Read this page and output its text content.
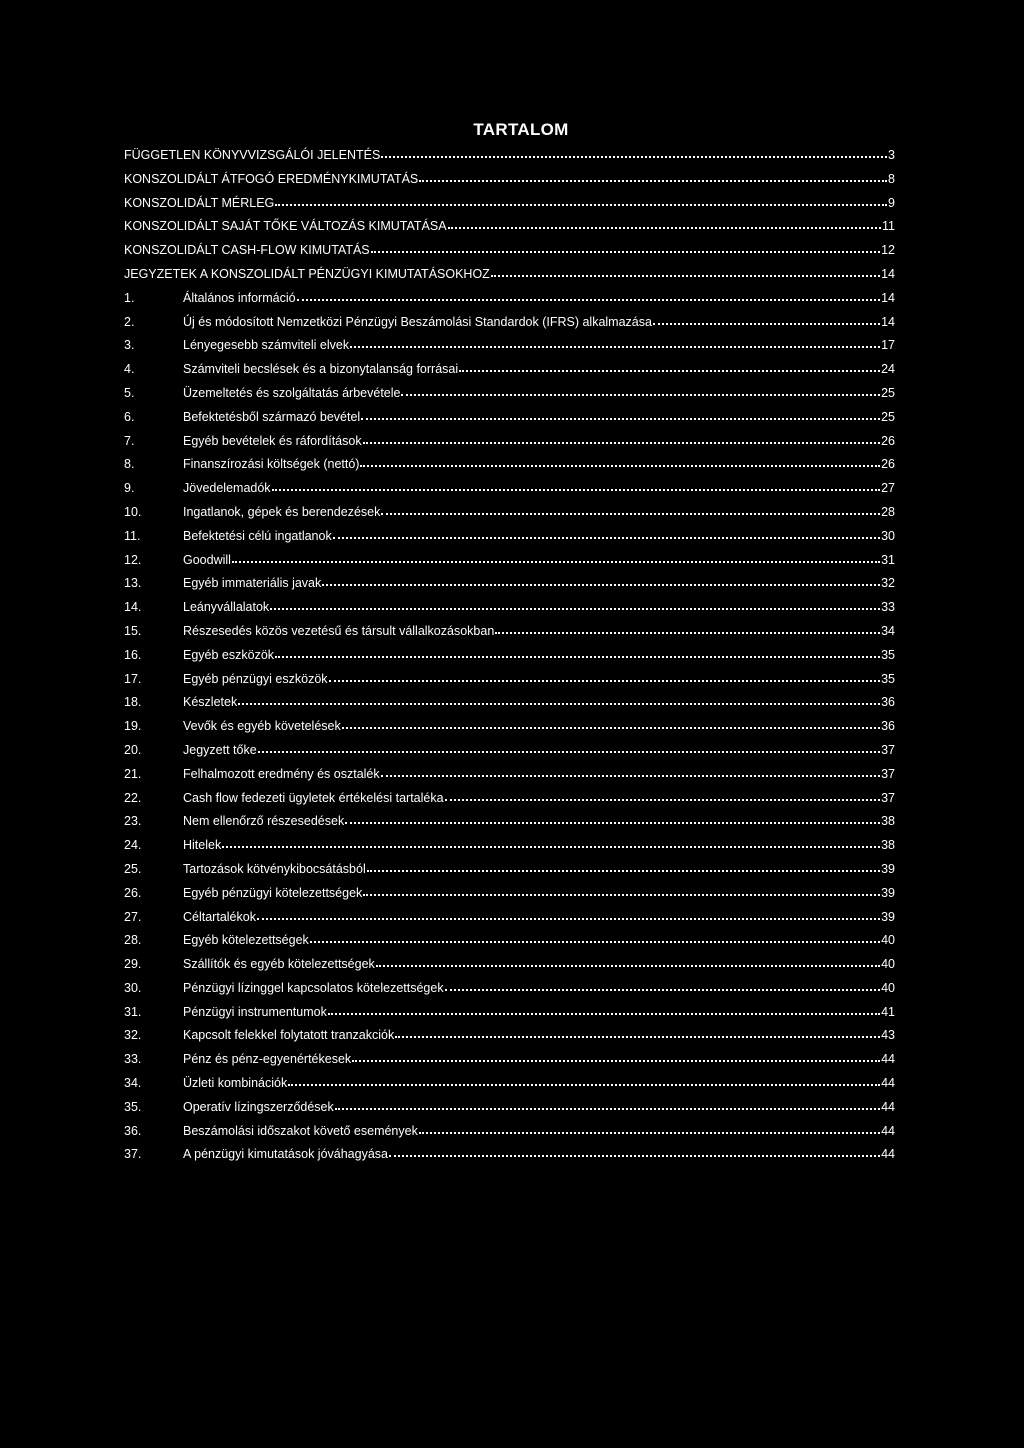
TARTALOM
FÜGGETLEN KÖNYVVIZSGÁLÓI JELENTÉS	3
KONSZOLIDÁLT ÁTFOGÓ EREDMÉNYKIMUTATÁS	8
KONSZOLIDÁLT MÉRLEG	9
KONSZOLIDÁLT SAJÁT TŐKE VÁLTOZÁS KIMUTATÁSA	11
KONSZOLIDÁLT CASH-FLOW KIMUTATÁS	12
JEGYZETEK A KONSZOLIDÁLT PÉNZÜGYI KIMUTATÁSOKHOZ	14
1.	Általános információ	14
2.	Új és módosított Nemzetközi Pénzügyi Beszámolási Standardok (IFRS) alkalmazása	14
3.	Lényegesebb számviteli elvek	17
4.	Számviteli becslések és a bizonytalanság forrásai	24
5.	Üzemeltetés és szolgáltatás árbevétele	25
6.	Befektetésből származó bevétel	25
7.	Egyéb bevételek és ráfordítások	26
8.	Finanszírozási költségek (nettó)	26
9.	Jövedelemadók	27
10.	Ingatlanok, gépek és berendezések	28
11.	Befektetési célú ingatlanok	30
12.	Goodwill	31
13.	Egyéb immateriális javak	32
14.	Leányvállalatok	33
15.	Részesedés közös vezetésű és társult vállalkozásokban	34
16.	Egyéb eszközök	35
17.	Egyéb pénzügyi eszközök	35
18.	Készletek	36
19.	Vevők és egyéb követelések	36
20.	Jegyzett tőke	37
21.	Felhalmozott eredmény és osztalék	37
22.	Cash flow fedezeti ügyletek értékelési tartaléka	37
23.	Nem ellenőrző részesedések	38
24.	Hitelek	38
25.	Tartozások kötvénykibocsátásból	39
26.	Egyéb pénzügyi kötelezettségek	39
27.	Céltartalékok	39
28.	Egyéb kötelezettségek	40
29.	Szállítók és egyéb kötelezettségek	40
30.	Pénzügyi lízinggel kapcsolatos kötelezettségek	40
31.	Pénzügyi instrumentumok	41
32.	Kapcsolt felekkel folytatott tranzakciók	43
33.	Pénz és pénz-egyenértékesek	44
34.	Üzleti kombinációk	44
35.	Operatív lízingszerződések	44
36.	Beszámolási időszakot követő események	44
37.	A pénzügyi kimutatások jóváhagyása	44
